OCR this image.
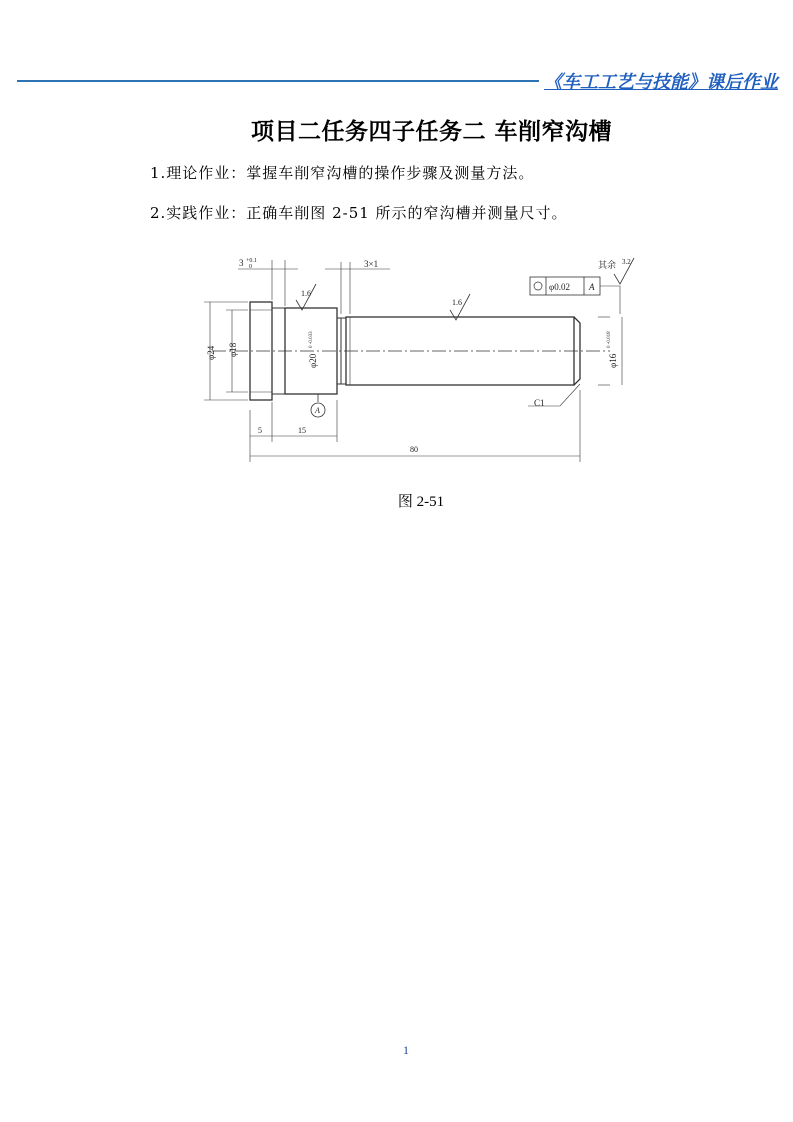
《车工工艺与技能》课后作业
项目二任务四子任务二 车削窄沟槽
1.理论作业：掌握车削窄沟槽的操作步骤及测量方法。
2.实践作业：正确车削图 2-51 所示的窄沟槽并测量尺寸。
3 +0.1
0	3×1	其余 3.2
1.6
1.6
φ0.02 A
φ24 φ18
φ20
0 -0.033
φ16
0 -0.018
C1
A
5	15
80
图 2-51
1
